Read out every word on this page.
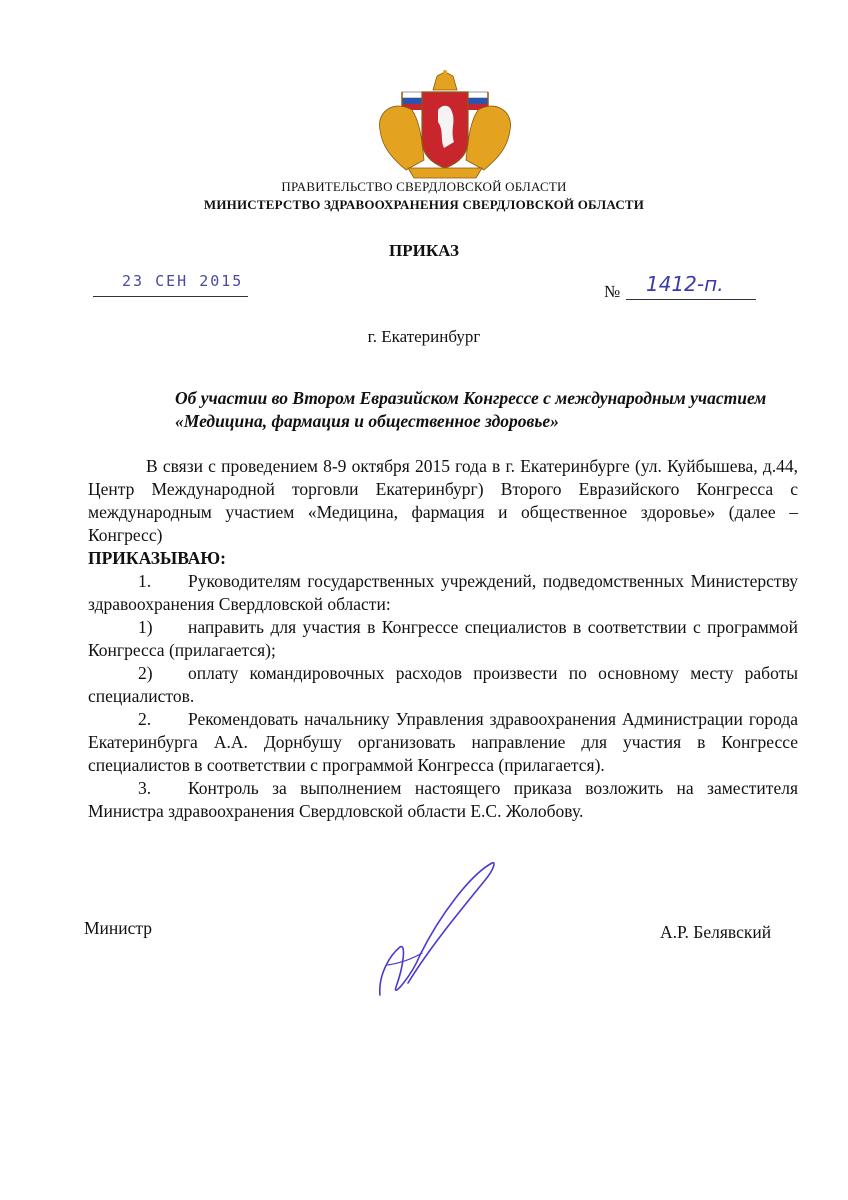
ПРАВИТЕЛЬСТВО СВЕРДЛОВСКОЙ ОБЛАСТИ
МИНИСТЕРСТВО ЗДРАВООХРАНЕНИЯ СВЕРДЛОВСКОЙ ОБЛАСТИ
ПРИКАЗ
23 СЕН 2015
№ 1412-п.
г. Екатеринбург
Об участии во Втором Евразийском Конгрессе с международным участием «Медицина, фармация и общественное здоровье»

В связи с проведением 8-9 октября 2015 года в г. Екатеринбурге (ул. Куйбышева, д.44, Центр Международной торговли Екатеринбург) Второго Евразийского Конгресса с международным участием «Медицина, фармация и общественное здоровье» (далее – Конгресс)

ПРИКАЗЫВАЮ:

1. Руководителям государственных учреждений, подведомственных Министерству здравоохранения Свердловской области:

1) направить для участия в Конгрессе специалистов в соответствии с программой Конгресса (прилагается);

2) оплату командировочных расходов произвести по основному месту работы специалистов.

2. Рекомендовать начальнику Управления здравоохранения Администрации города Екатеринбурга А.А. Дорнбушу организовать направление для участия в Конгрессе специалистов в соответствии с программой Конгресса (прилагается).

3. Контроль за выполнением настоящего приказа возложить на заместителя Министра здравоохранения Свердловской области Е.С. Жолобову.

Министр	А.Р. Белявский
